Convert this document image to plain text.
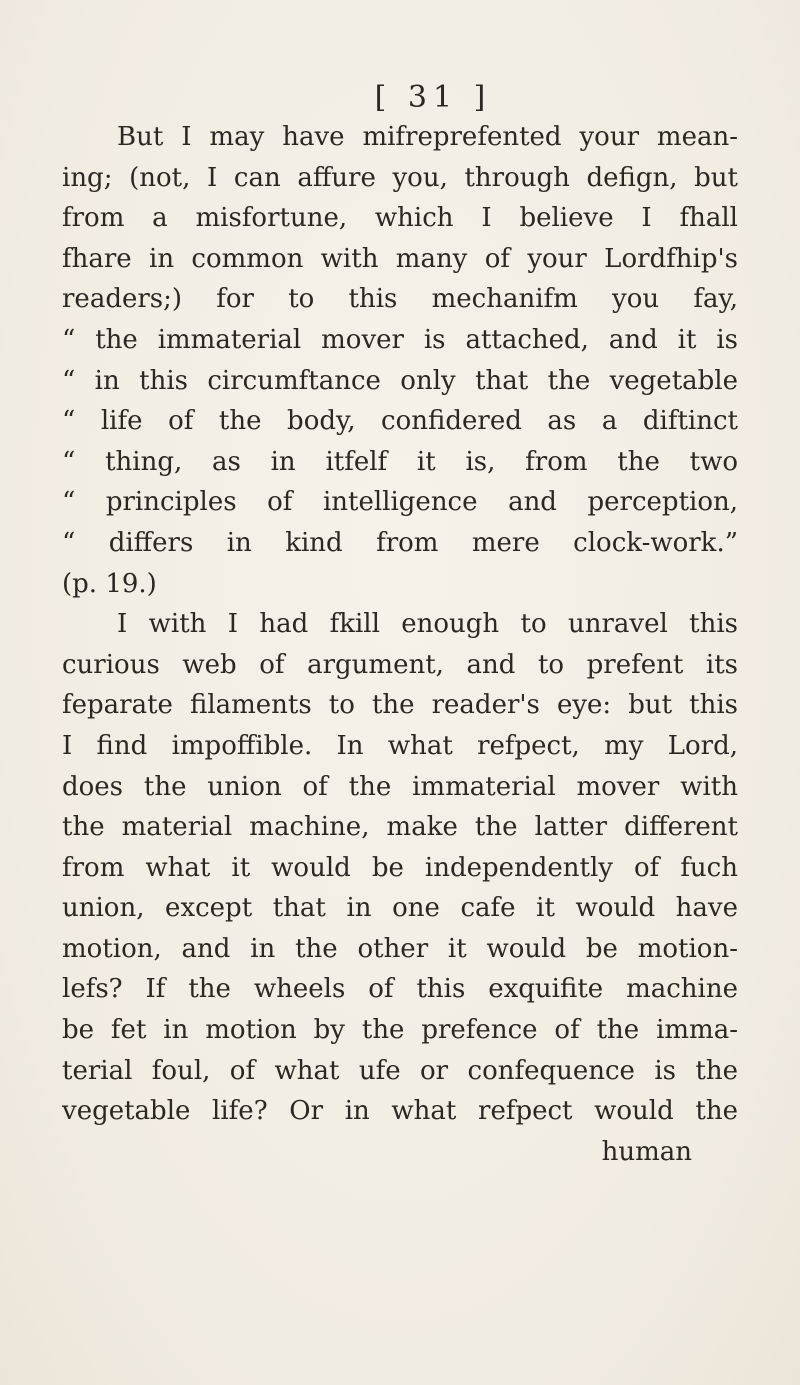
[ 31 ]
But I may have mifreprefented your mean-
ing; (not, I can affure you, through defign, but
from a misfortune, which I believe I fhall
fhare in common with many of your Lordfhip's
readers;) for to this mechanifm you fay,
“ the immaterial mover is attached, and it is
“ in this circumftance only that the vegetable
“ life of the body, confidered as a diftinct
“ thing, as in itfelf it is, from the two
“ principles of intelligence and perception,
“ differs in kind from mere clock-work.”
(p. 19.)
I with I had fkill enough to unravel this
curious web of argument, and to prefent its
feparate filaments to the reader's eye: but this
I find impoffible. In what refpect, my Lord,
does the union of the immaterial mover with
the material machine, make the latter different
from what it would be independently of fuch
union, except that in one cafe it would have
motion, and in the other it would be motion-
lefs? If the wheels of this exquifite machine
be fet in motion by the prefence of the imma-
terial foul, of what ufe or confequence is the
vegetable life? Or in what refpect would the
human
